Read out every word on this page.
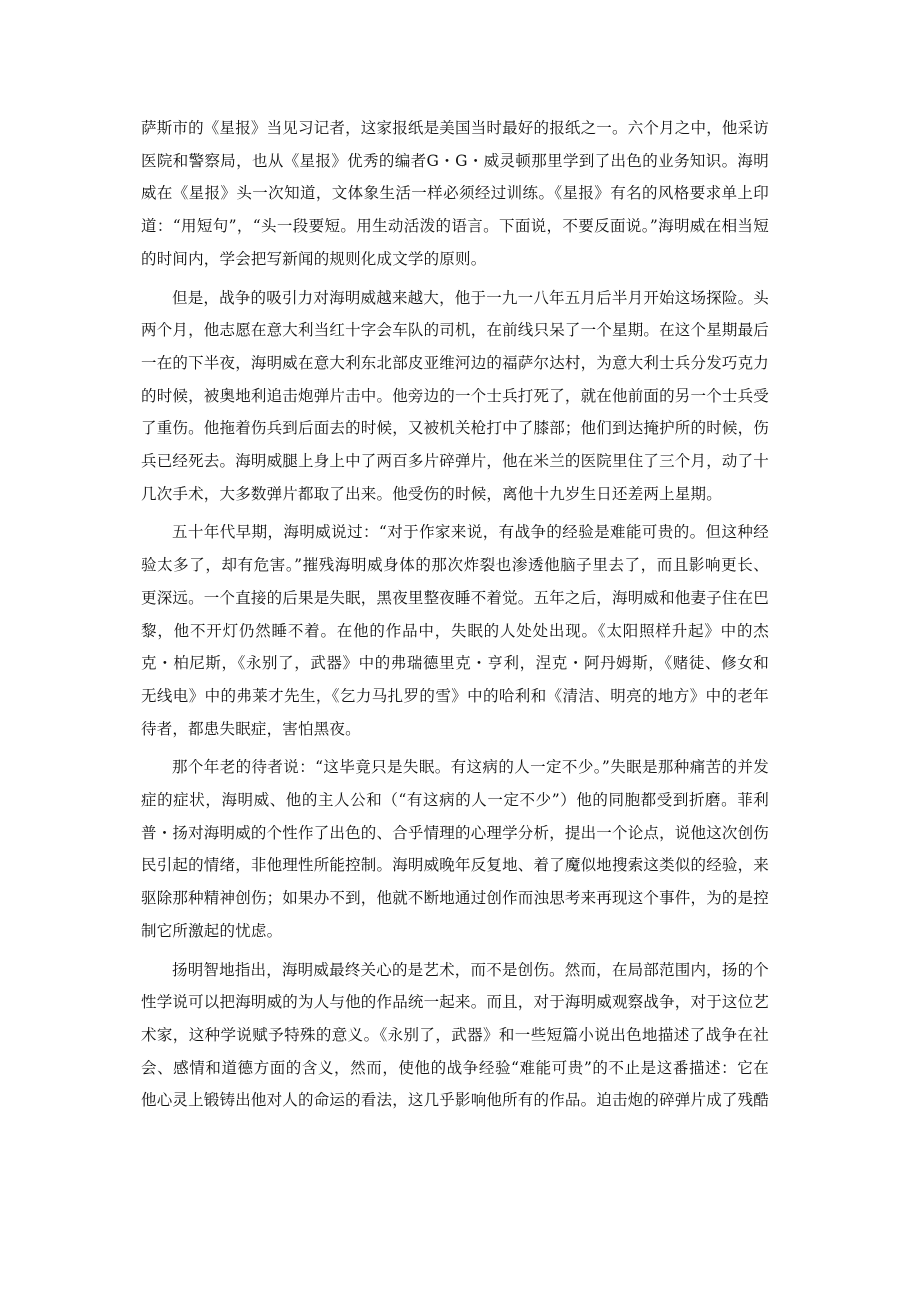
萨斯市的《星报》当见习记者，这家报纸是美国当时最好的报纸之一。六个月之中，他采访医院和警察局，也从《星报》优秀的编者G・G・威灵顿那里学到了出色的业务知识。海明威在《星报》头一次知道，文体象生活一样必须经过训练。《星报》有名的风格要求单上印道：“用短句”，“头一段要短。用生动活泼的语言。下面说，不要反面说。”海明威在相当短的时间内，学会把写新闻的规则化成文学的原则。

但是，战争的吸引力对海明威越来越大，他于一九一八年五月后半月开始这场探险。头两个月，他志愿在意大利当红十字会车队的司机，在前线只呆了一个星期。在这个星期最后一在的下半夜，海明威在意大利东北部皮亚维河边的福萨尔达村，为意大利士兵分发巧克力的时候，被奥地利追击炮弹片击中。他旁边的一个士兵打死了，就在他前面的另一个士兵受了重伤。他拖着伤兵到后面去的时候，又被机关枪打中了膝部；他们到达掩护所的时候，伤兵已经死去。海明威腿上身上中了两百多片碎弹片，他在米兰的医院里住了三个月，动了十几次手术，大多数弹片都取了出来。他受伤的时候，离他十九岁生日还差两上星期。

五十年代早期，海明威说过：“对于作家来说，有战争的经验是难能可贵的。但这种经验太多了，却有危害。”摧残海明威身体的那次炸裂也渗透他脑子里去了，而且影响更长、更深远。一个直接的后果是失眠，黑夜里整夜睡不着觉。五年之后，海明威和他妻子住在巴黎，他不开灯仍然睡不着。在他的作品中，失眠的人处处出现。《太阳照样升起》中的杰克・柏尼斯，《永别了，武器》中的弗瑞德里克・亨利，涅克・阿丹姆斯，《赌徒、修女和无线电》中的弗莱才先生，《乞力马扎罗的雪》中的哈利和《清洁、明亮的地方》中的老年待者，都患失眠症，害怕黑夜。

那个年老的待者说：“这毕竟只是失眠。有这病的人一定不少。”失眠是那种痛苦的并发症的症状，海明威、他的主人公和（“有这病的人一定不少”）他的同胞都受到折磨。菲利普・扬对海明威的个性作了出色的、合乎情理的心理学分析，提出一个论点，说他这次创伤民引起的情绪，非他理性所能控制。海明威晚年反复地、着了魔似地搜索这类似的经验，来驱除那种精神创伤；如果办不到，他就不断地通过创作而浊思考来再现这个事件，为的是控制它所激起的忧虑。

扬明智地指出，海明威最终关心的是艺术，而不是创伤。然而，在局部范围内，扬的个性学说可以把海明威的为人与他的作品统一起来。而且，对于海明威观察战争，对于这位艺术家，这种学说赋予特殊的意义。《永别了，武器》和一些短篇小说出色地描述了战争在社会、感情和道德方面的含义，然而，使他的战争经验“难能可贵”的不止是这番描述：它在他心灵上锻铸出他对人的命运的看法，这几乎影响他所有的作品。迫击炮的碎弹片成了残酷
